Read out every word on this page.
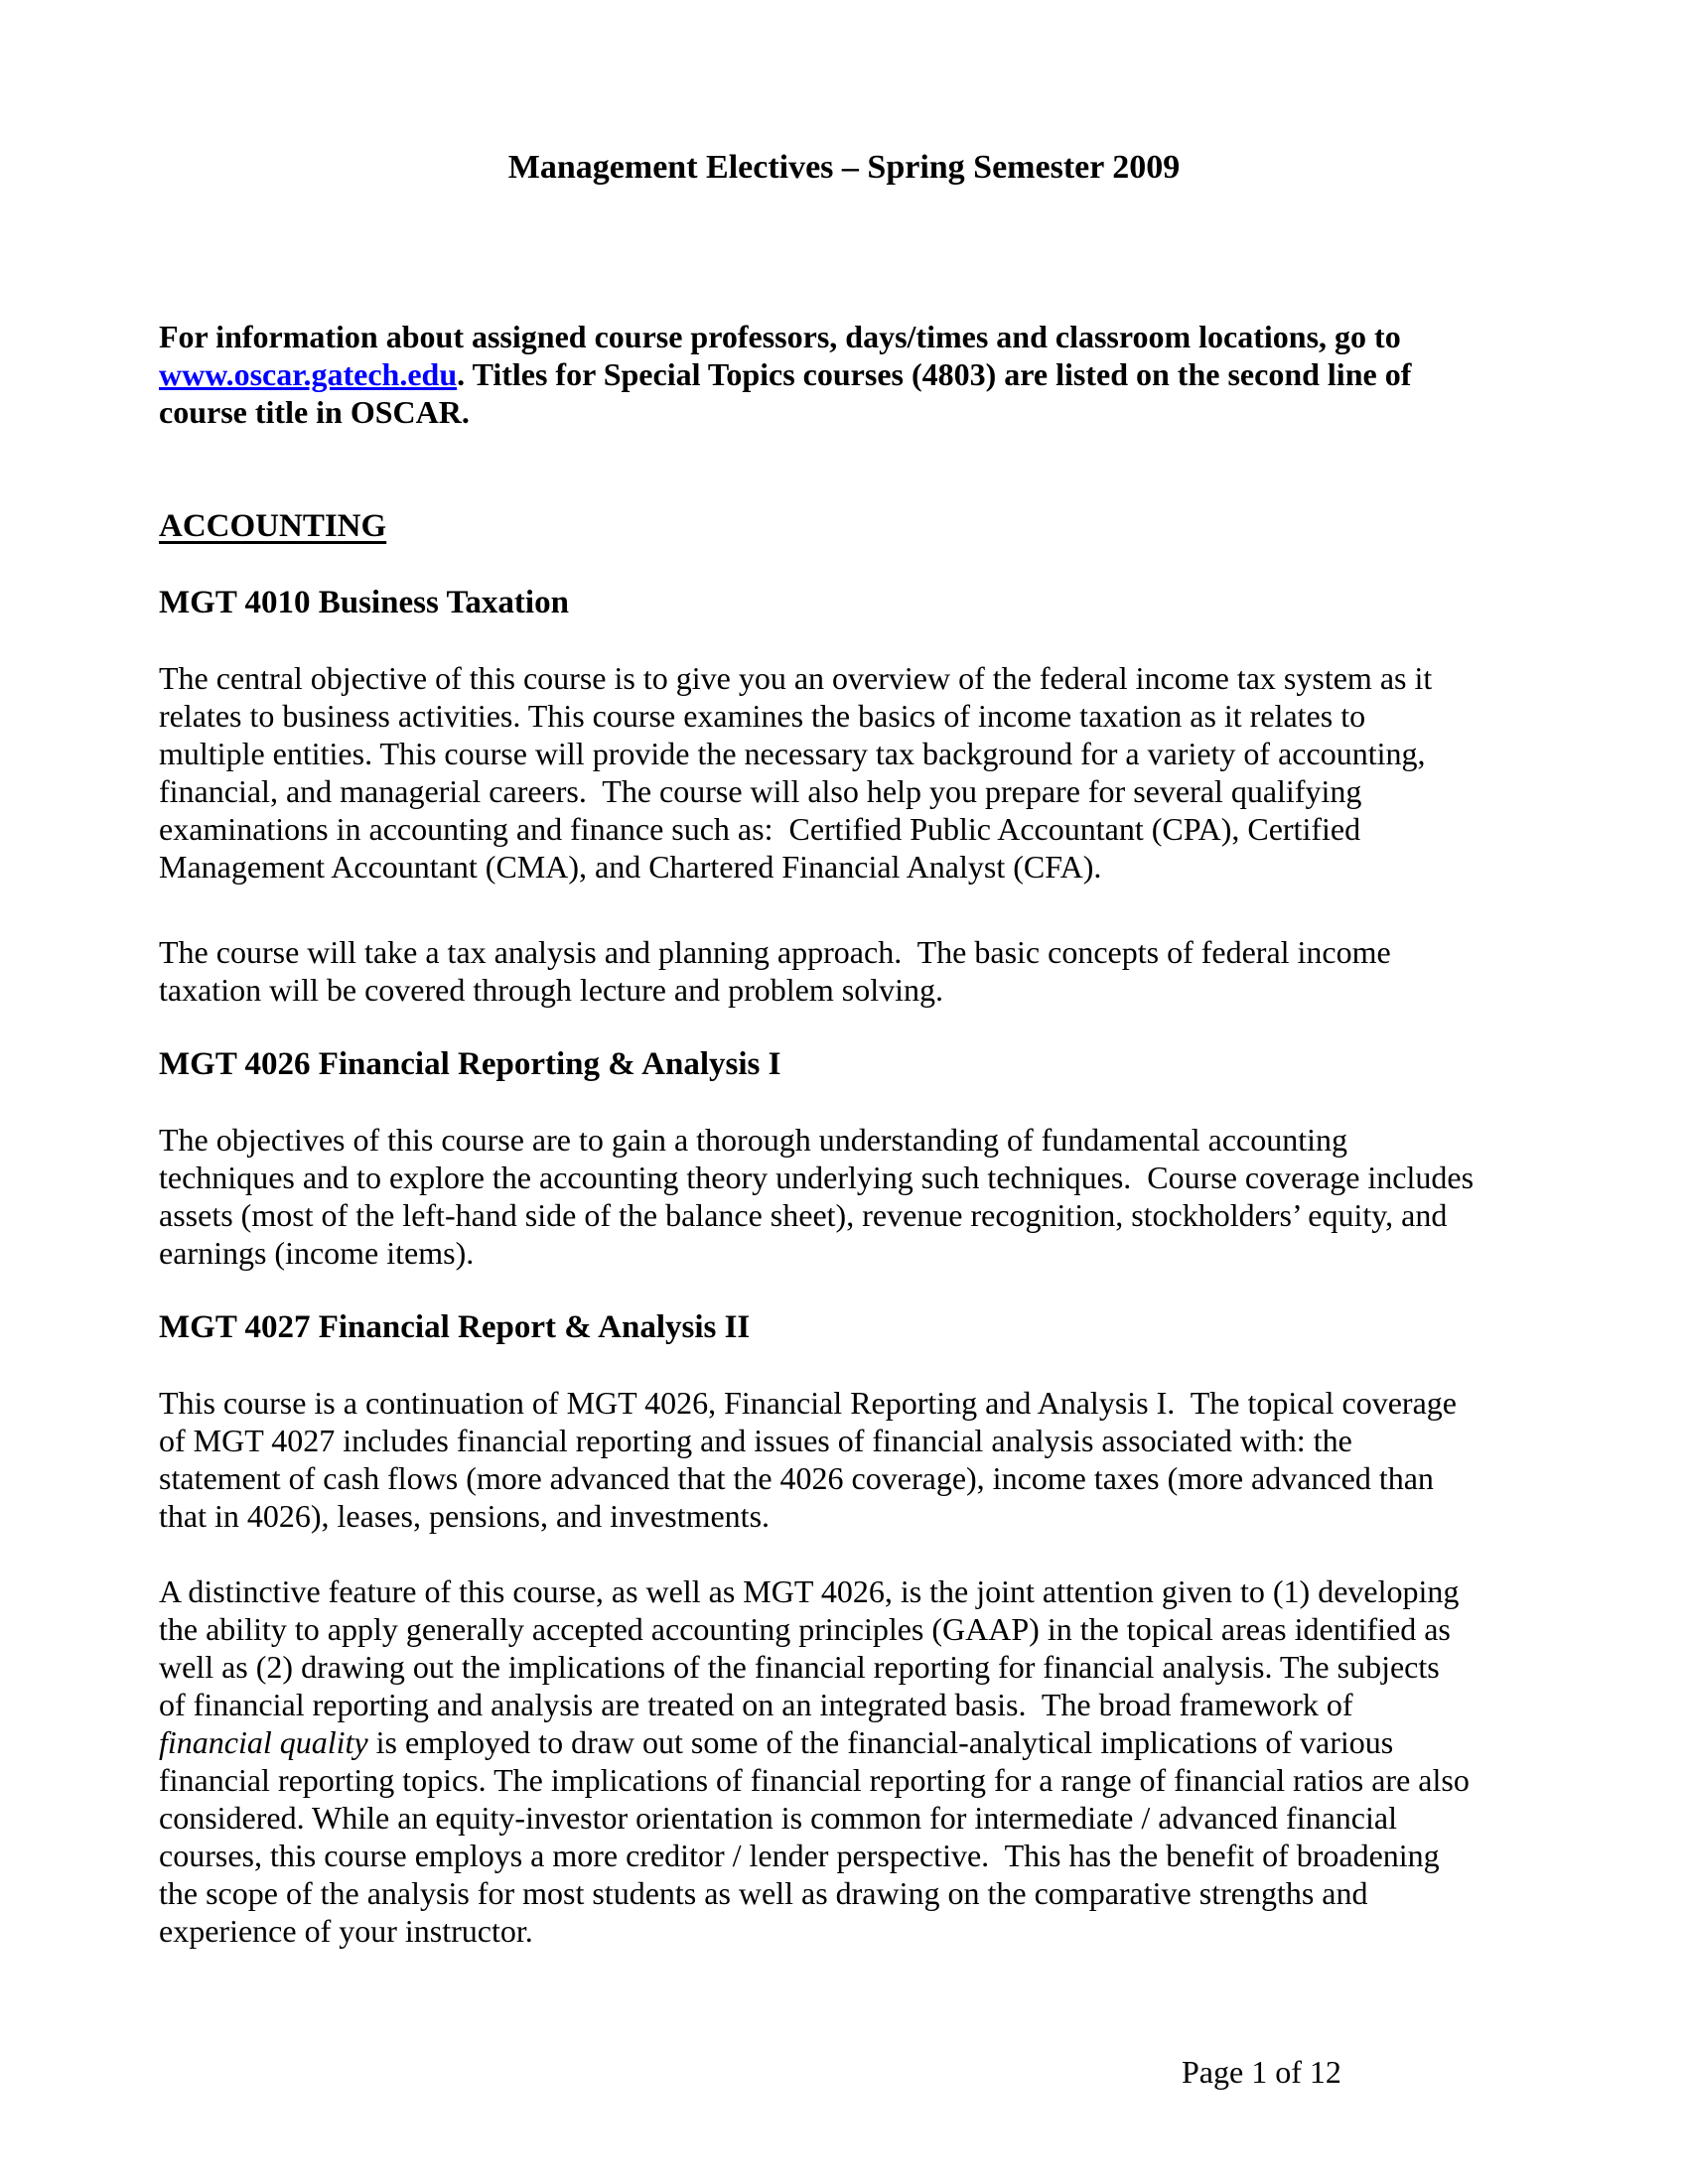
Management Electives – Spring Semester 2009
For information about assigned course professors, days/times and classroom locations, go to
www.oscar.gatech.edu. Titles for Special Topics courses (4803) are listed on the second line of
course title in OSCAR.
ACCOUNTING
MGT 4010 Business Taxation
The central objective of this course is to give you an overview of the federal income tax system as it
relates to business activities. This course examines the basics of income taxation as it relates to
multiple entities. This course will provide the necessary tax background for a variety of accounting,
financial, and managerial careers.  The course will also help you prepare for several qualifying
examinations in accounting and finance such as:  Certified Public Accountant (CPA), Certified
Management Accountant (CMA), and Chartered Financial Analyst (CFA).
The course will take a tax analysis and planning approach.  The basic concepts of federal income
taxation will be covered through lecture and problem solving.
MGT 4026 Financial Reporting & Analysis I
The objectives of this course are to gain a thorough understanding of fundamental accounting
techniques and to explore the accounting theory underlying such techniques.  Course coverage includes
assets (most of the left-hand side of the balance sheet), revenue recognition, stockholders’ equity, and
earnings (income items).
MGT 4027 Financial Report & Analysis II
This course is a continuation of MGT 4026, Financial Reporting and Analysis I.  The topical coverage
of MGT 4027 includes financial reporting and issues of financial analysis associated with: the
statement of cash flows (more advanced that the 4026 coverage), income taxes (more advanced than
that in 4026), leases, pensions, and investments.
A distinctive feature of this course, as well as MGT 4026, is the joint attention given to (1) developing
the ability to apply generally accepted accounting principles (GAAP) in the topical areas identified as
well as (2) drawing out the implications of the financial reporting for financial analysis. The subjects
of financial reporting and analysis are treated on an integrated basis.  The broad framework of
financial quality is employed to draw out some of the financial-analytical implications of various
financial reporting topics. The implications of financial reporting for a range of financial ratios are also
considered. While an equity-investor orientation is common for intermediate / advanced financial
courses, this course employs a more creditor / lender perspective.  This has the benefit of broadening
the scope of the analysis for most students as well as drawing on the comparative strengths and
experience of your instructor.
Page 1 of 12
